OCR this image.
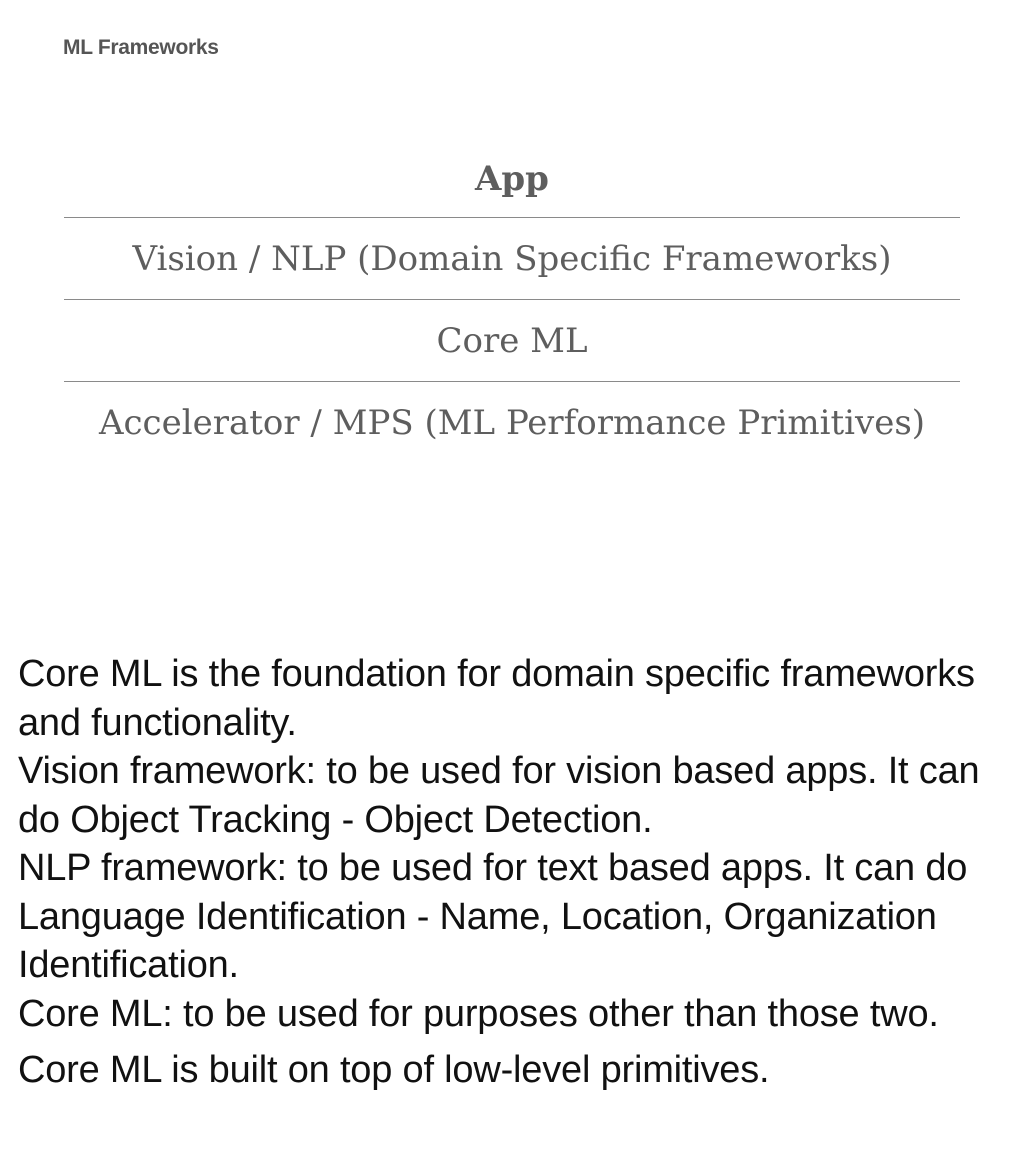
ML Frameworks
App
Vision / NLP (Domain Specific Frameworks)
Core ML
Accelerator / MPS (ML Performance Primitives)

Core ML is the foundation for domain specific frameworks and functionality.

Vision framework: to be used for vision based apps. It can do Object Tracking - Object Detection.

NLP framework: to be used for text based apps. It can do Language Identification - Name, Location, Organization Identification.

Core ML: to be used for purposes other than those two.

Core ML is built on top of low-level primitives.
